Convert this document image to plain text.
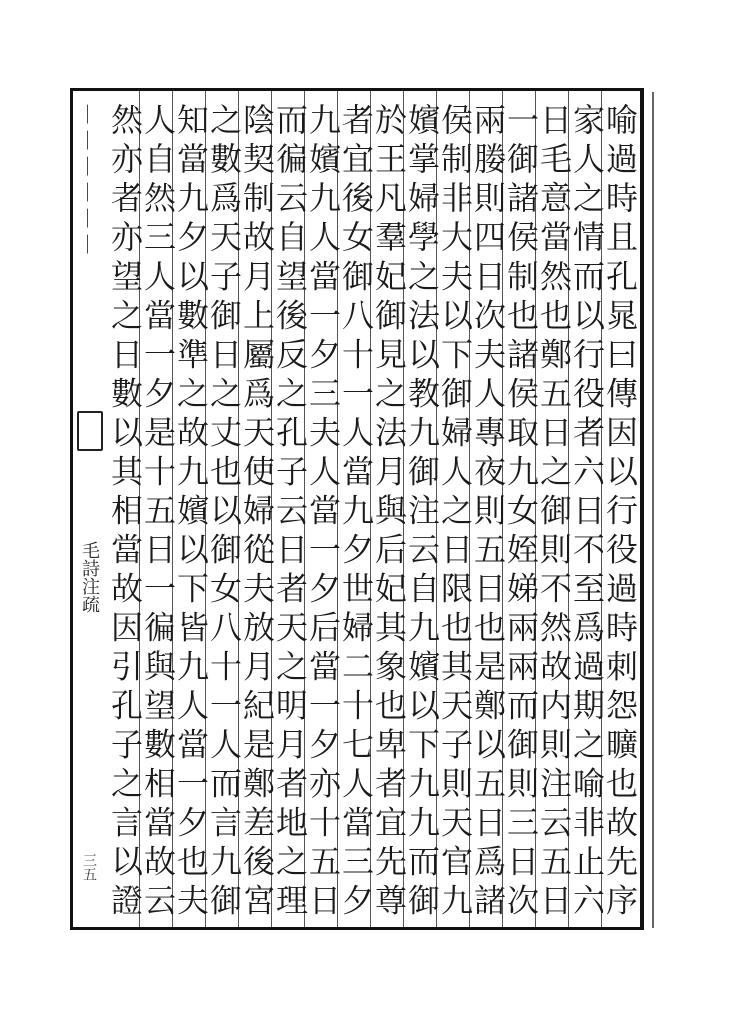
︱︱︱︱︱︱
毛詩注疏
三五	喻過時且孔晁曰傳因以行役過時刺怨曠也故先序
家人之情而以行役者六日不至爲過期之喻非止六
日毛意當然也鄭五日之御則不然故内則注云五日
一御諸侯制也諸侯取九女姪娣兩兩而御則三日次
兩媵則四日次夫人專夜則五日也是鄭以五日爲諸
侯制非大夫以下御婦人之日限也其天子則天官九
嬪掌婦學之法以教九御注云自九嬪以下九九而御
於王凡羣妃御見之法月與后妃其象也卑者宜先尊
者宜後女御八十一人當九夕世婦二十七人當三夕
九嬪九人當一夕三夫人當一夕后當一夕亦十五日
而徧云自望後反之孔子云日者天之明月者地之理
陰契制故月上屬爲天使婦從夫放月紀是鄭差後宮
之數爲天子御日之丈也以御女八十一人而言九御
知當九夕以數準之故九嬪以下皆九人當一夕也夫
人自然三人當一夕是十五日一徧與望數相當故云
然亦者亦望之日數以其相當故因引孔子之言以證
